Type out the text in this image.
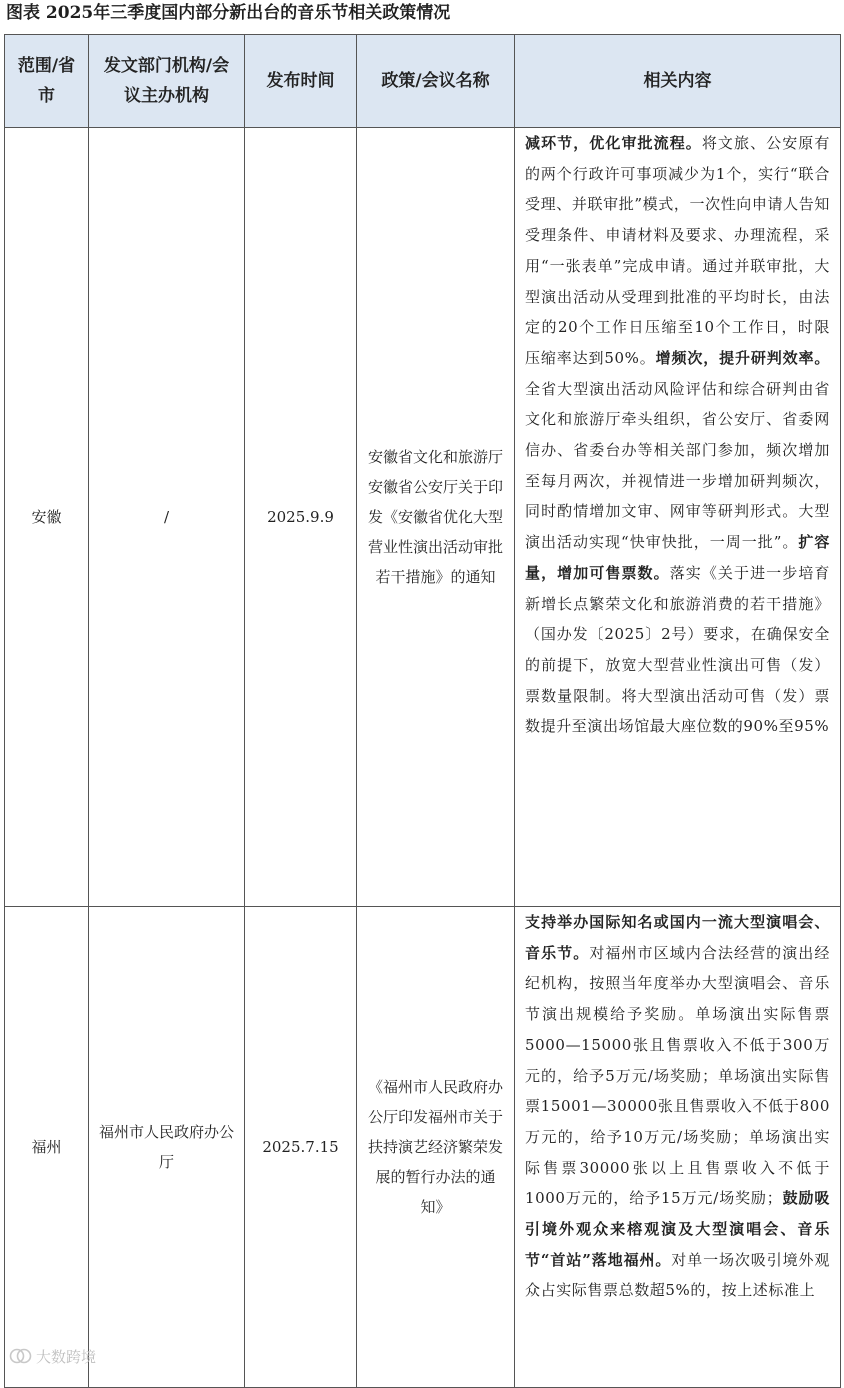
图表 2025年三季度国内部分新出台的音乐节相关政策情况
范围/省市	发文部门机构/会议主办机构	发布时间	政策/会议名称	相关内容
安徽	/	2025.9.9	安徽省文化和旅游厅 安徽省公安厅关于印发《安徽省优化大型营业性演出活动审批若干措施》的通知	减环节，优化审批流程。将文旅、公安原有的两个行政许可事项减少为1个，实行“联合受理、并联审批”模式，一次性向申请人告知受理条件、申请材料及要求、办理流程，采用“一张表单”完成申请。通过并联审批，大型演出活动从受理到批准的平均时长，由法定的20个工作日压缩至10个工作日，时限压缩率达到50%。增频次，提升研判效率。全省大型演出活动风险评估和综合研判由省文化和旅游厅牵头组织，省公安厅、省委网信办、省委台办等相关部门参加，频次增加至每月两次，并视情进一步增加研判频次，同时酌情增加文审、网审等研判形式。大型演出活动实现“快审快批，一周一批”。扩容量，增加可售票数。落实《关于进一步培育新增长点繁荣文化和旅游消费的若干措施》（国办发〔2025〕2号）要求，在确保安全的前提下，放宽大型营业性演出可售（发）票数量限制。将大型演出活动可售（发）票数提升至演出场馆最大座位数的90%至95%
福州	福州市人民政府办公厅	2025.7.15	《福州市人民政府办公厅印发福州市关于扶持演艺经济繁荣发展的暂行办法的通知》	支持举办国际知名或国内一流大型演唱会、音乐节。对福州市区域内合法经营的演出经纪机构，按照当年度举办大型演唱会、音乐节演出规模给予奖励。单场演出实际售票5000—15000张且售票收入不低于300万元的，给予5万元/场奖励；单场演出实际售票15001—30000张且售票收入不低于800万元的，给予10万元/场奖励；单场演出实际售票30000张以上且售票收入不低于1000万元的，给予15万元/场奖励；鼓励吸引境外观众来榕观演及大型演唱会、音乐节“首站”落地福州。对单一场次吸引境外观众占实际售票总数超5%的，按上述标准上
大数跨境
